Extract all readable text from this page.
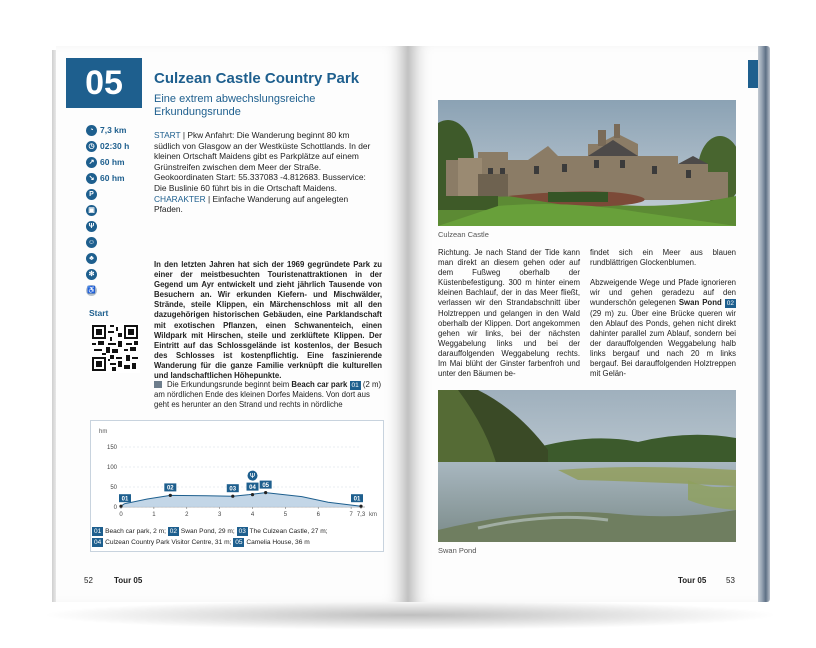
05	Culzean Castle Country Park
Eine extrem abwechslungsreiche Erkundungsrunde
◔ 7,3 km
◷ 02:30 h
↗ 60 hm
↘ 60 hm
P
▣
Ψ
☺
♣
✻
♿
START | Pkw Anfahrt: Die Wanderung beginnt 80 km südlich von Glasgow an der Westküste Schottlands. In der kleinen Ortschaft Maidens gibt es Parkplätze auf einem Grünstreifen zwischen dem Meer der Straße. Geokoordinaten Start: 55.337083 -4.812683. Busservice: Die Buslinie 60 führt bis in die Ortschaft Maidens.
CHARAKTER | Einfache Wanderung auf angelegten Pfaden.
Start
In den letzten Jahren hat sich der 1969 gegründete Park zu einer der meistbesuchten Touristenattraktionen in der Gegend um Ayr entwickelt und zieht jährlich Tausende von Besuchern an. Wir erkunden Kiefern- und Mischwälder, Strände, steile Klippen, ein Märchenschloss mit all den dazugehörigen historischen Gebäuden, eine Parklandschaft mit exotischen Pflanzen, einen Schwanenteich, einen Wildpark mit Hirschen, steile und zerklüftete Klippen. Der Eintritt auf das Schlossgelände ist kostenlos, der Besuch des Schlosses ist kostenpflichtig. Eine faszinierende Wanderung für die ganze Familie verknüpft die kulturellen und landschaftlichen Höhepunkte.
Die Erkundungsrunde beginnt beim Beach car park 01 (2 m) am nördlichen Ende des kleinen Dorfes Maidens. Von dort aus geht es herunter an den Strand und rechts in nördliche
hm
150
100
50
0
0	1	2	3	4	5	6	7 7,3 km
01
02	03 04 05
01
Ψ
01 Beach car park, 2 m; 02 Swan Pond, 29 m; 03 The Culzean Castle, 27 m;
04 Culzean Country Park Visitor Centre, 31 m; 05 Camelia House, 36 m
52	Tour 05
Culzean Castle
Richtung. Je nach Stand der Tide kann man direkt an diesem gehen oder auf dem Fußweg oberhalb der Küstenbefestigung. 300 m hinter einem kleinen Bachlauf, der in das Meer fließt, verlassen wir den Strandabschnitt über Holztreppen und gelangen in den Wald oberhalb der Klippen. Dort angekommen gehen wir links, bei der nächsten Weggabelung links und bei der darauffolgenden Weggabelung rechts. Im Mai blüht der Ginster farbenfroh und unter den Bäumen be-
findet sich ein Meer aus blauen rundblättrigen Glockenblumen.

Abzweigende Wege und Pfade ignorieren wir und gehen geradezu auf den wunderschön gelegenen Swan Pond 02 (29 m) zu. Über eine Brücke queren wir den Ablauf des Ponds, gehen nicht direkt dahinter parallel zum Ablauf, sondern bei der darauffolgenden Weggabelung halb links bergauf und nach 20 m links bergauf. Bei darauffolgenden Holztreppen mit Gelän-
Swan Pond
Tour 05 53
